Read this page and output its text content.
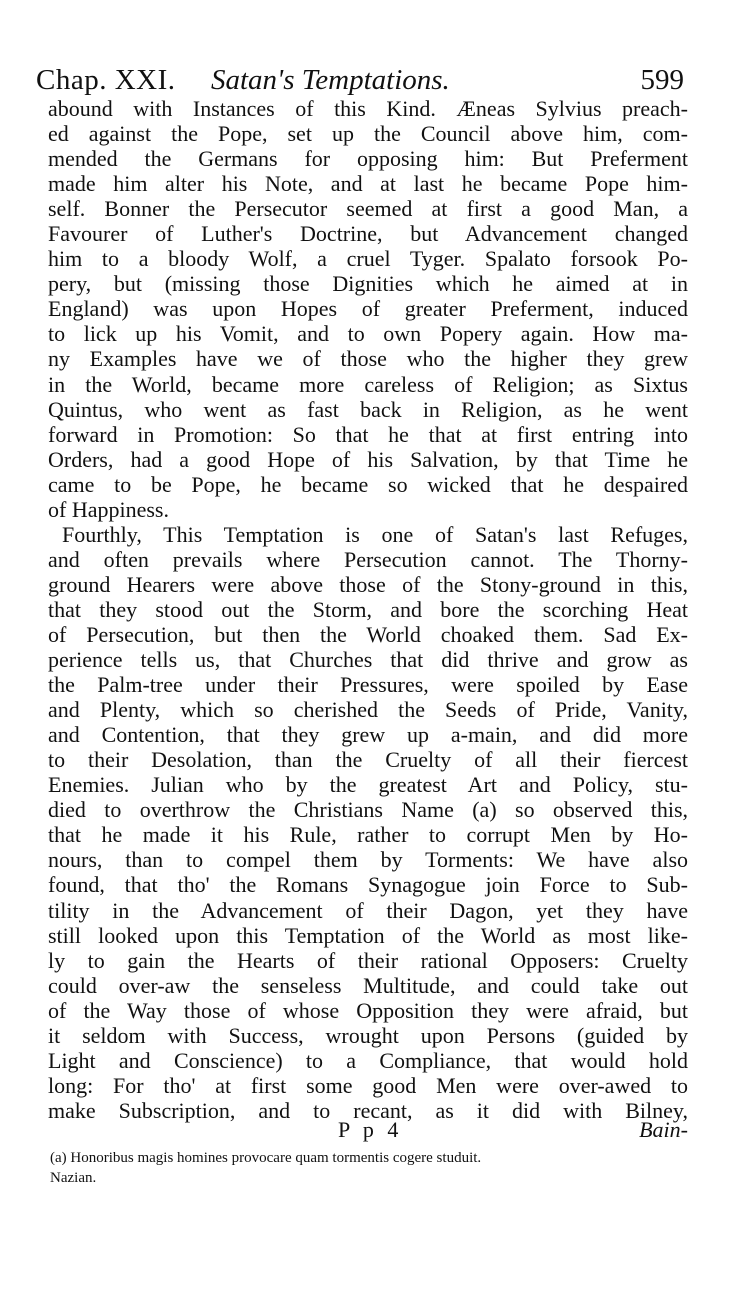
Chap. XXI. Satan's Temptations.	599
abound with Instances of this Kind. Æneas Sylvius preach-
ed against the Pope, set up the Council above him, com-
mended the Germans for opposing him: But Preferment
made him alter his Note, and at last he became Pope him-
self. Bonner the Persecutor seemed at first a good Man, a
Favourer of Luther's Doctrine, but Advancement changed
him to a bloody Wolf, a cruel Tyger. Spalato forsook Po-
pery, but (missing those Dignities which he aimed at in
England) was upon Hopes of greater Preferment, induced
to lick up his Vomit, and to own Popery again. How ma-
ny Examples have we of those who the higher they grew
in the World, became more careless of Religion; as Sixtus
Quintus, who went as fast back in Religion, as he went
forward in Promotion: So that he that at first entring into
Orders, had a good Hope of his Salvation, by that Time he
came to be Pope, he became so wicked that he despaired
of Happiness.
Fourthly, This Temptation is one of Satan's last Refuges,
and often prevails where Persecution cannot. The Thorny-
ground Hearers were above those of the Stony-ground in this,
that they stood out the Storm, and bore the scorching Heat
of Persecution, but then the World choaked them. Sad Ex-
perience tells us, that Churches that did thrive and grow as
the Palm-tree under their Pressures, were spoiled by Ease
and Plenty, which so cherished the Seeds of Pride, Vanity,
and Contention, that they grew up a-main, and did more
to their Desolation, than the Cruelty of all their fiercest
Enemies. Julian who by the greatest Art and Policy, stu-
died to overthrow the Christians Name (a) so observed this,
that he made it his Rule, rather to corrupt Men by Ho-
nours, than to compel them by Torments: We have also
found, that tho' the Romans Synagogue join Force to Sub-
tility in the Advancement of their Dagon, yet they have
still looked upon this Temptation of the World as most like-
ly to gain the Hearts of their rational Opposers: Cruelty
could over-aw the senseless Multitude, and could take out
of the Way those of whose Opposition they were afraid, but
it seldom with Success, wrought upon Persons (guided by
Light and Conscience) to a Compliance, that would hold
long: For tho' at first some good Men were over-awed to
make Subscription, and to recant, as it did with Bilney,
P p 4	Bain-
(a) Honoribus magis homines provocare quam tormentis cogere studuit.
Nazian.
